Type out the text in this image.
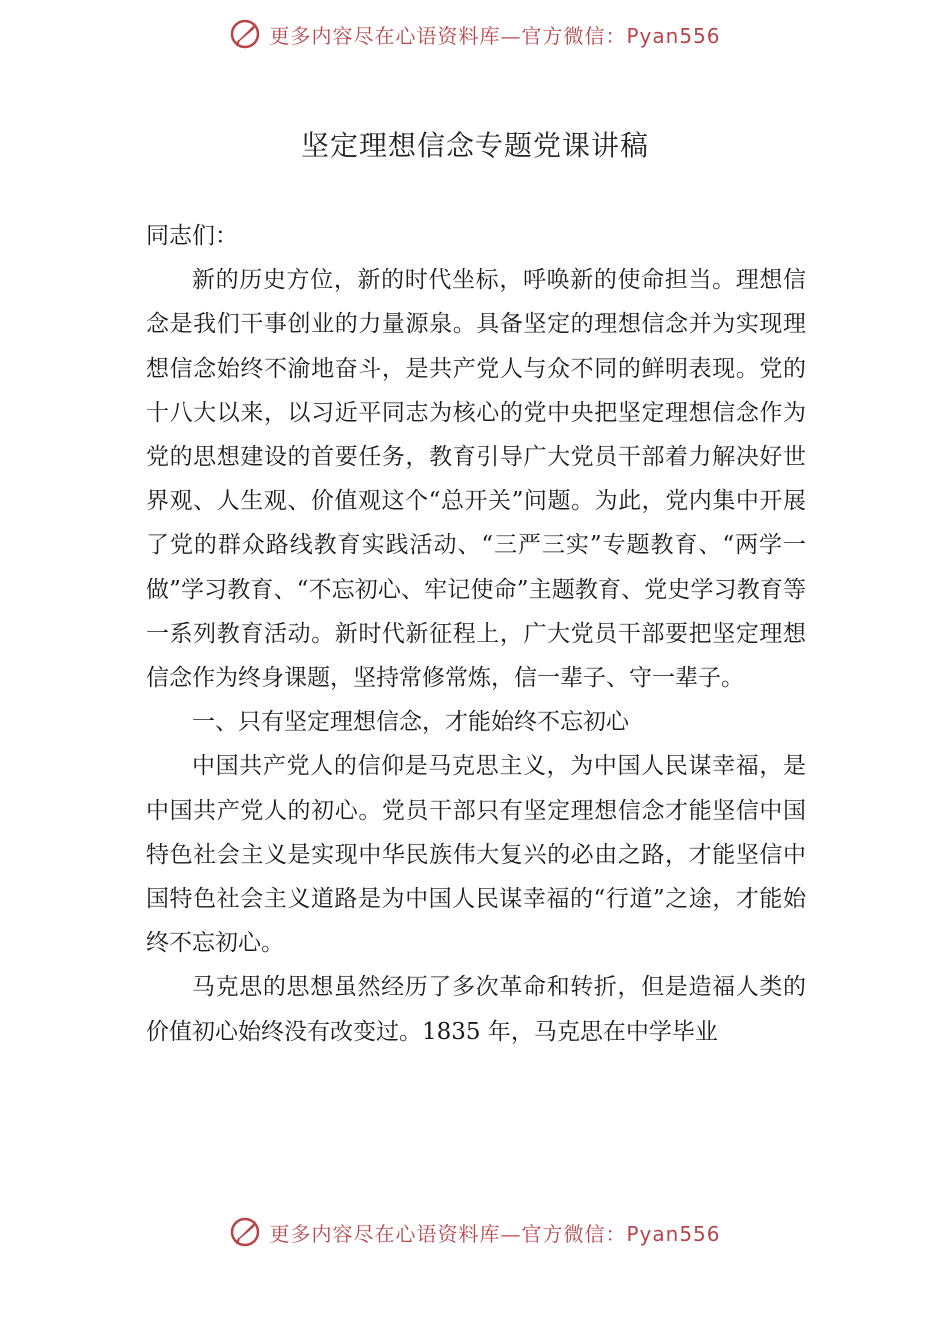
更多内容尽在心语资料库—官方微信：Pyan556
坚定理想信念专题党课讲稿

同志们：

新的历史方位，新的时代坐标，呼唤新的使命担当。理想信念是我们干事创业的力量源泉。具备坚定的理想信念并为实现理想信念始终不渝地奋斗，是共产党人与众不同的鲜明表现。党的十八大以来，以习近平同志为核心的党中央把坚定理想信念作为党的思想建设的首要任务，教育引导广大党员干部着力解决好世界观、人生观、价值观这个“总开关”问题。为此，党内集中开展了党的群众路线教育实践活动、“三严三实”专题教育、“两学一做”学习教育、“不忘初心、牢记使命”主题教育、党史学习教育等一系列教育活动。新时代新征程上，广大党员干部要把坚定理想信念作为终身课题，坚持常修常炼，信一辈子、守一辈子。

一、只有坚定理想信念，才能始终不忘初心

中国共产党人的信仰是马克思主义，为中国人民谋幸福，是中国共产党人的初心。党员干部只有坚定理想信念才能坚信中国特色社会主义是实现中华民族伟大复兴的必由之路，才能坚信中国特色社会主义道路是为中国人民谋幸福的“行道”之途，才能始终不忘初心。

马克思的思想虽然经历了多次革命和转折，但是造福人类的价值初心始终没有改变过。1835 年，马克思在中学毕业

更多内容尽在心语资料库—官方微信：Pyan556
